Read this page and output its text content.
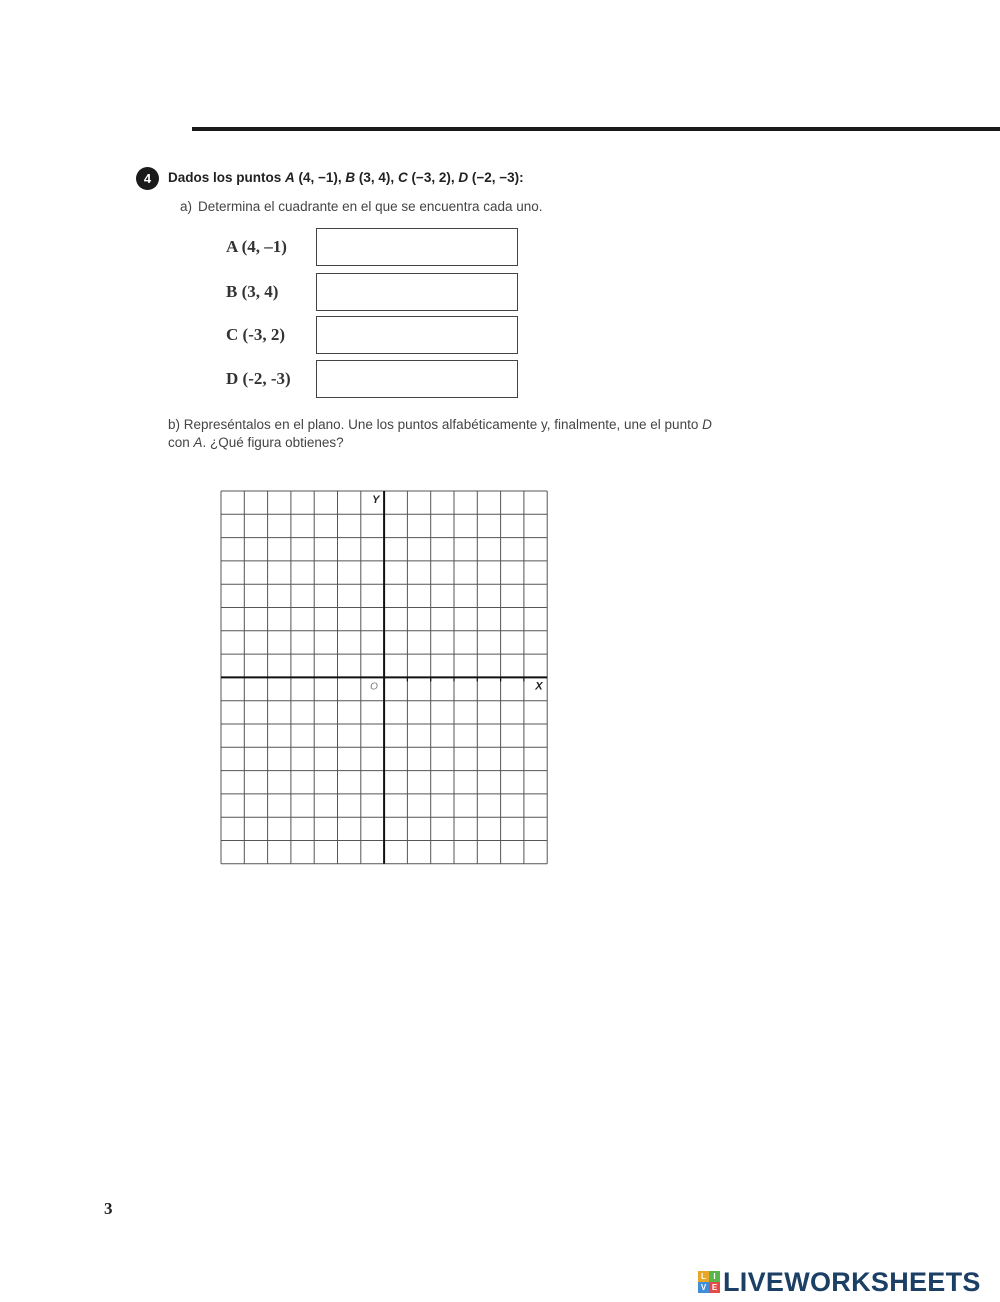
4	Dados los puntos A (4, −1), B (3, 4), C (−3, 2), D (−2, −3):
a) Determina el cuadrante en el que se encuentra cada uno.
A (4, –1)
B (3, 4)
C (-3, 2)
D (-2, -3)
b) Represéntalos en el plano. Une los puntos alfabéticamente y, finalmente, une el punto D
con A. ¿Qué figura obtienes?
Y
X
O
3
L I
V E LIVEWORKSHEETS
